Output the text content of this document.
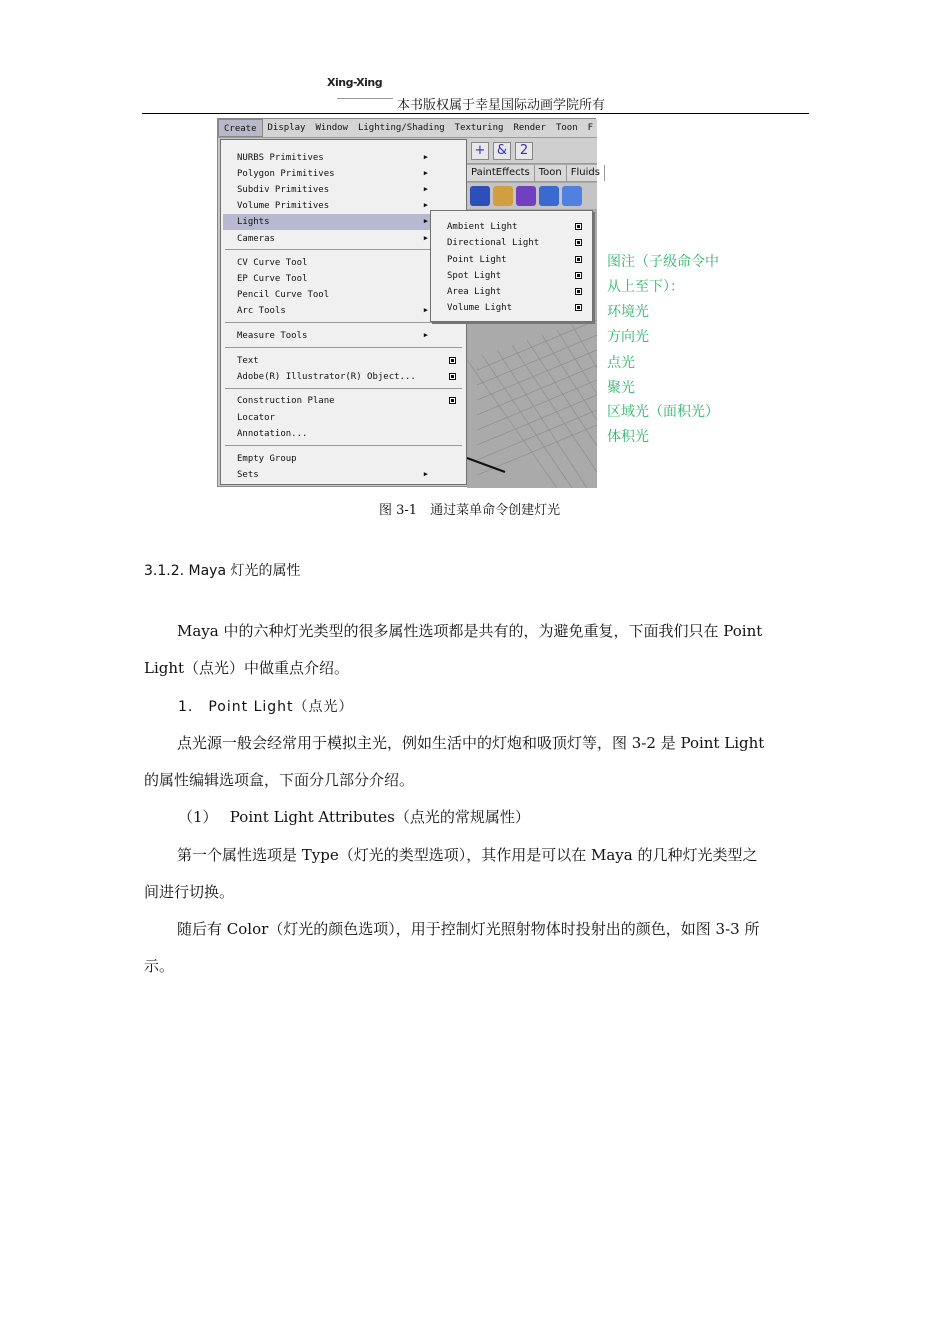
Xing-Xing
本书版权属于幸星国际动画学院所有
Create	Display	Window	Lighting/Shading	Texturing	Render	Toon	F
+ & 2
PaintEffects Toon Fluids
NURBS Primitives	▶
Polygon Primitives	▶
Subdiv Primitives	▶
Volume Primitives	▶
Lights	▶
Cameras	▶
CV Curve Tool
EP Curve Tool
Pencil Curve Tool
Arc Tools	▶
Measure Tools	▶
Text
Adobe(R) Illustrator(R) Object...
Construction Plane
Locator
Annotation...
Empty Group
Sets	▶
Ambient Light
Directional Light
Point Light
Spot Light
Area Light
Volume Light
图注（子级命令中
从上至下）：
环境光
方向光
点光
聚光
区域光（面积光）
体积光
图 3-1　通过菜单命令创建灯光
3.1.2. Maya 灯光的属性
Maya 中的六种灯光类型的很多属性选项都是共有的，为避免重复，下面我们只在 Point
Light（点光）中做重点介绍。
1.　Point Light（点光）
点光源一般会经常用于模拟主光，例如生活中的灯炮和吸顶灯等，图 3-2 是 Point Light
的属性编辑选项盒，下面分几部分介绍。
（1）　 Point Light Attributes（点光的常规属性）
第一个属性选项是 Type（灯光的类型选项），其作用是可以在 Maya 的几种灯光类型之
间进行切换。
随后有 Color（灯光的颜色选项），用于控制灯光照射物体时投射出的颜色，如图 3-3 所
示。
